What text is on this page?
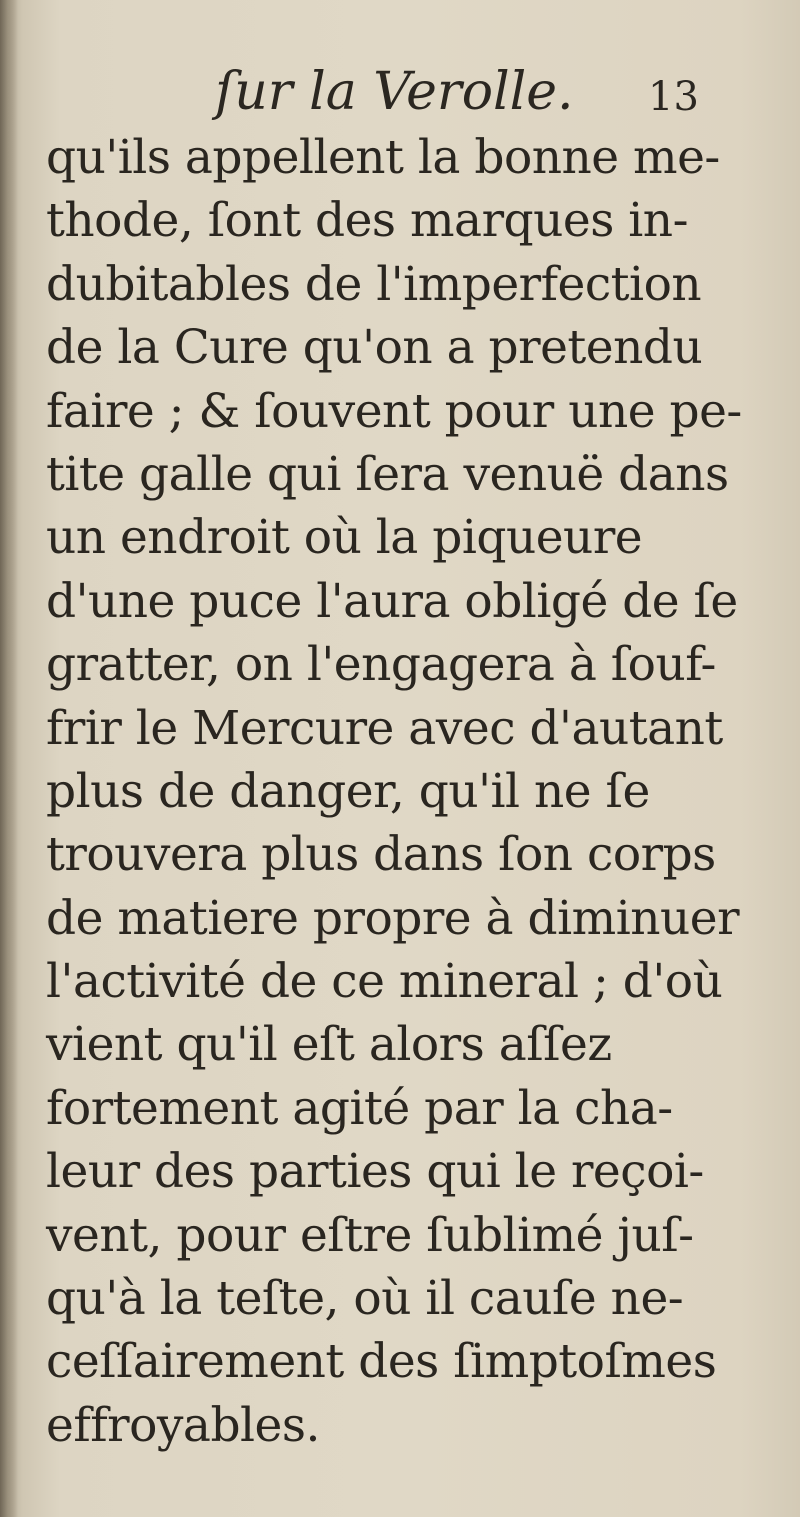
ſur la Verolle. 13
qu'ils appellent la bonne me-
thode, ſont des marques in-
dubitables de l'imperfection
de la Cure qu'on a pretendu
faire ; & ſouvent pour une pe-
tite galle qui ſera venuë dans
un endroit où la piqueure
d'une puce l'aura obligé de ſe
gratter, on l'engagera à ſouf-
frir le Mercure avec d'autant
plus de danger, qu'il ne ſe
trouvera plus dans ſon corps
de matiere propre à diminuer
l'activité de ce mineral ; d'où
vient qu'il eſt alors aſſez
fortement agité par la cha-
leur des parties qui le reçoi-
vent, pour eſtre ſublimé juſ-
qu'à la teſte, où il cauſe ne-
ceſſairement des ſimptoſmes
effroyables.
